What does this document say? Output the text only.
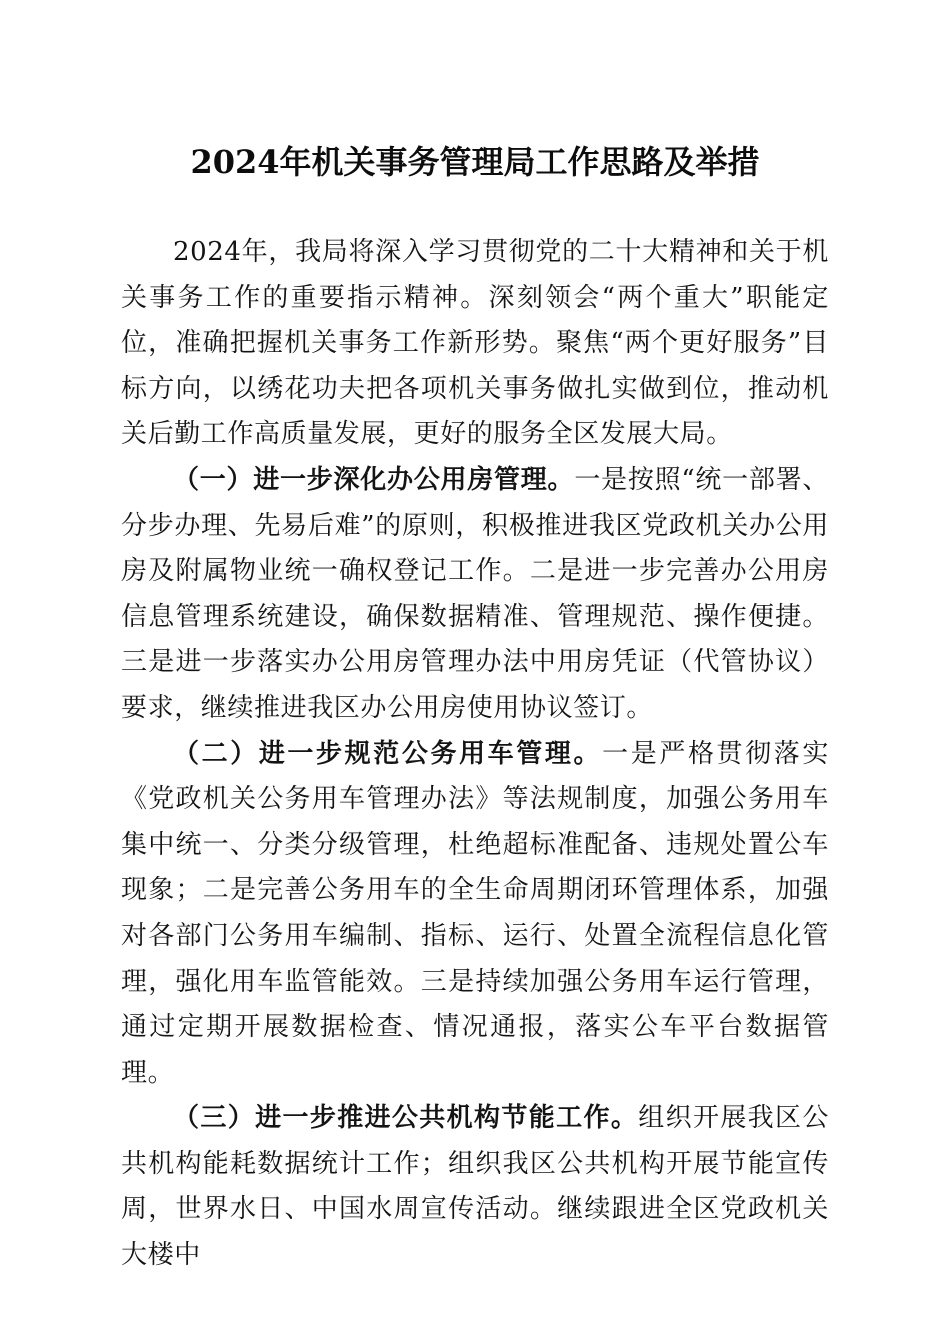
2024年机关事务管理局工作思路及举措

2024年，我局将深入学习贯彻党的二十大精神和关于机关事务工作的重要指示精神。深刻领会“两个重大”职能定位，准确把握机关事务工作新形势。聚焦“两个更好服务”目标方向，以绣花功夫把各项机关事务做扎实做到位，推动机关后勤工作高质量发展，更好的服务全区发展大局。

（一）进一步深化办公用房管理。一是按照“统一部署、分步办理、先易后难”的原则，积极推进我区党政机关办公用房及附属物业统一确权登记工作。二是进一步完善办公用房信息管理系统建设，确保数据精准、管理规范、操作便捷。三是进一步落实办公用房管理办法中用房凭证（代管协议）要求，继续推进我区办公用房使用协议签订。

（二）进一步规范公务用车管理。一是严格贯彻落实《党政机关公务用车管理办法》等法规制度，加强公务用车集中统一、分类分级管理，杜绝超标准配备、违规处置公车现象；二是完善公务用车的全生命周期闭环管理体系，加强对各部门公务用车编制、指标、运行、处置全流程信息化管理，强化用车监管能效。三是持续加强公务用车运行管理，通过定期开展数据检查、情况通报，落实公车平台数据管理。

（三）进一步推进公共机构节能工作。组织开展我区公共机构能耗数据统计工作；组织我区公共机构开展节能宣传周，世界水日、中国水周宣传活动。继续跟进全区党政机关大楼中
